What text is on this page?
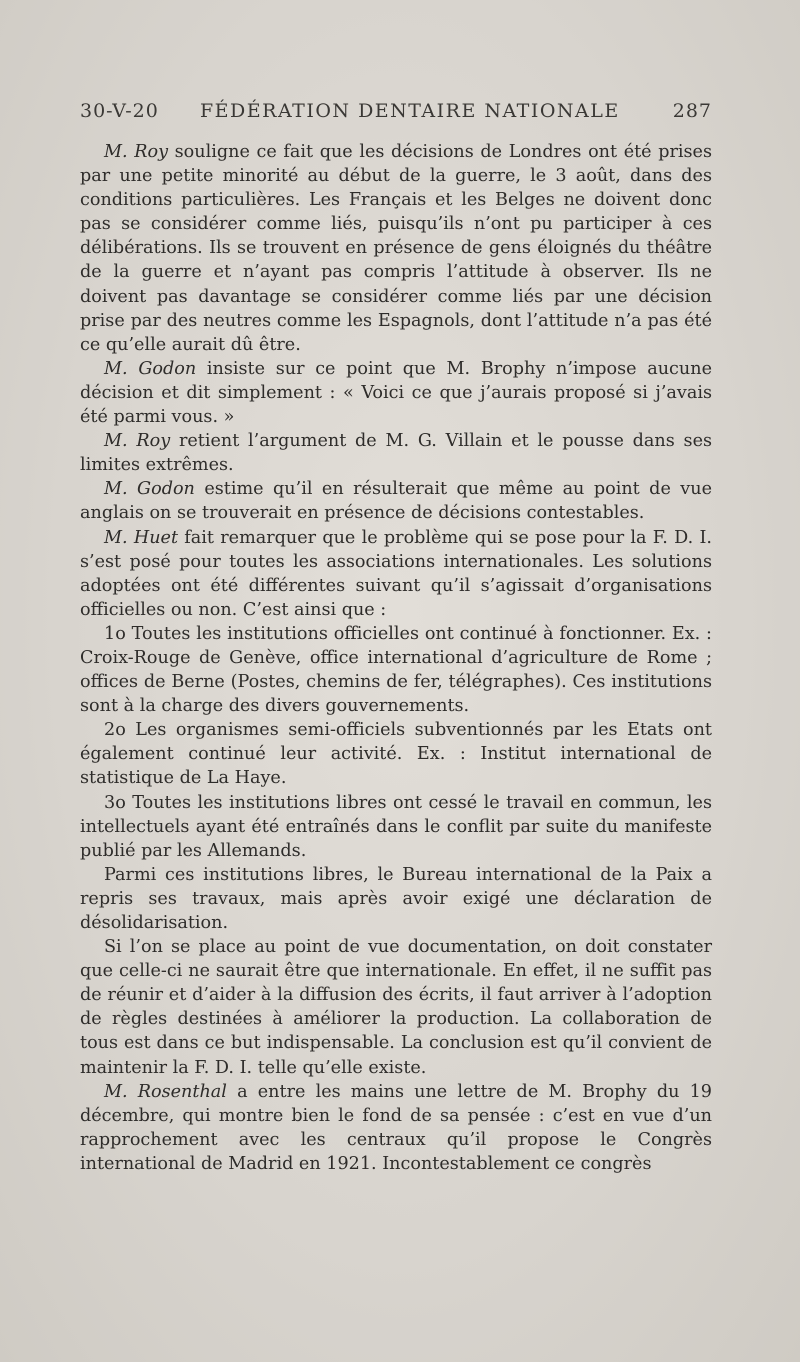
30-V-20 FÉDÉRATION DENTAIRE NATIONALE	287

M. Roy souligne ce fait que les décisions de Londres ont été prises par une petite minorité au début de la guerre, le 3 août, dans des conditions particulières. Les Français et les Belges ne doivent donc pas se considérer comme liés, puisqu’ils n’ont pu participer à ces délibérations. Ils se trouvent en présence de gens éloignés du théâtre de la guerre et n’ayant pas compris l’attitude à observer. Ils ne doivent pas davantage se considérer comme liés par une décision prise par des neutres comme les Espagnols, dont l’attitude n’a pas été ce qu’elle aurait dû être.

M. Godon insiste sur ce point que M. Brophy n’impose aucune décision et dit simplement : « Voici ce que j’aurais proposé si j’avais été parmi vous. »

M. Roy retient l’argument de M. G. Villain et le pousse dans ses limites extrêmes.

M. Godon estime qu’il en résulterait que même au point de vue anglais on se trouverait en présence de décisions contestables.

M. Huet fait remarquer que le problème qui se pose pour la F. D. I. s’est posé pour toutes les associations internationales. Les solutions adoptées ont été différentes suivant qu’il s’agissait d’organisations officielles ou non. C’est ainsi que :

1o Toutes les institutions officielles ont continué à fonctionner. Ex. : Croix-Rouge de Genève, office international d’agriculture de Rome ; offices de Berne (Postes, chemins de fer, télégraphes). Ces institutions sont à la charge des divers gouvernements.

2o Les organismes semi-officiels subventionnés par les Etats ont également continué leur activité. Ex. : Institut international de statistique de La Haye.

3o Toutes les institutions libres ont cessé le travail en commun, les intellectuels ayant été entraînés dans le conflit par suite du manifeste publié par les Allemands.

Parmi ces institutions libres, le Bureau international de la Paix a repris ses travaux, mais après avoir exigé une déclaration de désolidarisation.

Si l’on se place au point de vue documentation, on doit constater que celle-ci ne saurait être que internationale. En effet, il ne suffit pas de réunir et d’aider à la diffusion des écrits, il faut arriver à l’adoption de règles destinées à améliorer la production. La collaboration de tous est dans ce but indispensable. La conclusion est qu’il convient de maintenir la F. D. I. telle qu’elle existe.

M. Rosenthal a entre les mains une lettre de M. Brophy du 19 décembre, qui montre bien le fond de sa pensée : c’est en vue d’un rapprochement avec les centraux qu’il propose le Congrès international de Madrid en 1921. Incontestablement ce congrès
